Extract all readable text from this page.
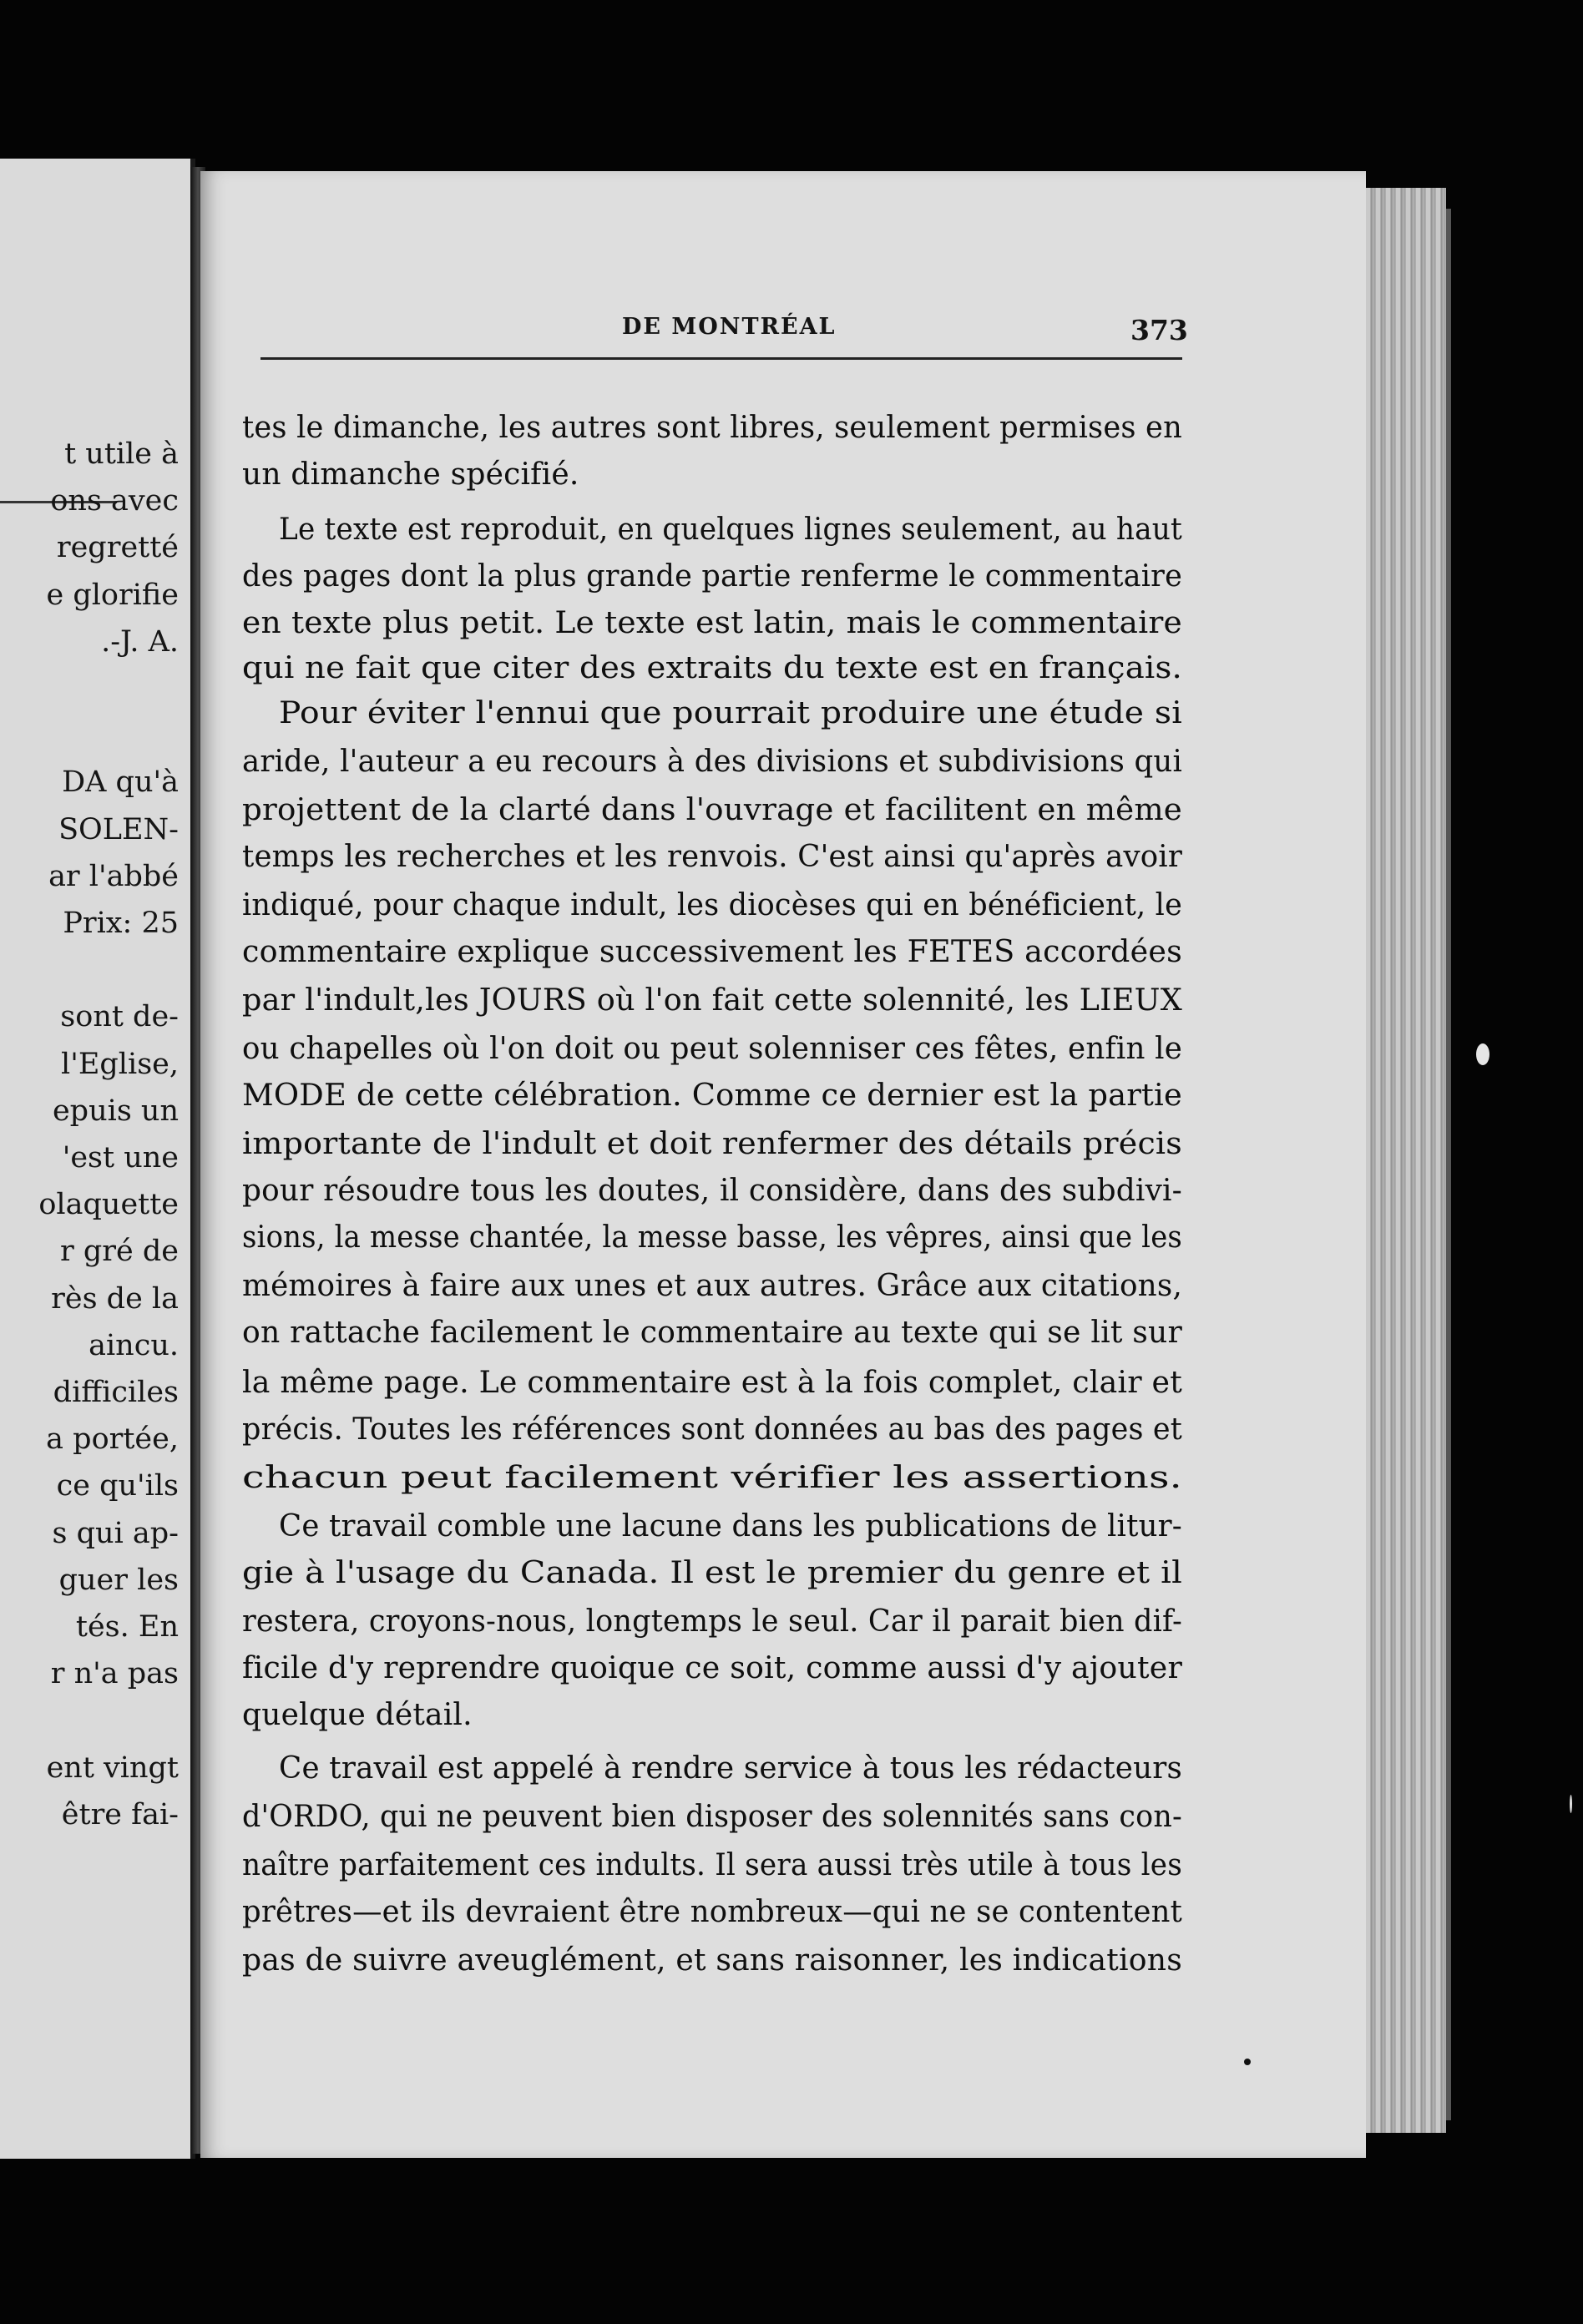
t utile à
ons avec
regretté
e glorifie
.-J. A.
DA qu'à
SOLEN-
ar l'abbé
Prix: 25
sont de-
l'Eglise,
epuis un
'est une
olaquette
r gré de
rès de la
aincu.
difficiles
a portée,
ce qu'ils
s qui ap-
guer les
tés. En
r n'a pas
ent vingt
être fai-
DE MONTRÉAL	373
tes le dimanche, les autres sont libres, seulement permises en
un dimanche spécifié.
Le texte est reproduit, en quelques lignes seulement, au haut
des pages dont la plus grande partie renferme le commentaire
en texte plus petit. Le texte est latin, mais le commentaire
qui ne fait que citer des extraits du texte est en français.
Pour éviter l'ennui que pourrait produire une étude si
aride, l'auteur a eu recours à des divisions et subdivisions qui
projettent de la clarté dans l'ouvrage et facilitent en même
temps les recherches et les renvois. C'est ainsi qu'après avoir
indiqué, pour chaque indult, les diocèses qui en bénéficient, le
commentaire explique successivement les FETES accordées
par l'indult,les JOURS où l'on fait cette solennité, les LIEUX
ou chapelles où l'on doit ou peut solenniser ces fêtes, enfin le
MODE de cette célébration. Comme ce dernier est la partie
importante de l'indult et doit renfermer des détails précis
pour résoudre tous les doutes, il considère, dans des subdivi-
sions, la messe chantée, la messe basse, les vêpres, ainsi que les
mémoires à faire aux unes et aux autres. Grâce aux citations,
on rattache facilement le commentaire au texte qui se lit sur
la même page. Le commentaire est à la fois complet, clair et
précis. Toutes les références sont données au bas des pages et
chacun peut facilement vérifier les assertions.
Ce travail comble une lacune dans les publications de litur-
gie à l'usage du Canada. Il est le premier du genre et il
restera, croyons-nous, longtemps le seul. Car il parait bien dif-
ficile d'y reprendre quoique ce soit, comme aussi d'y ajouter
quelque détail.
Ce travail est appelé à rendre service à tous les rédacteurs
d'ORDO, qui ne peuvent bien disposer des solennités sans con-
naître parfaitement ces indults. Il sera aussi très utile à tous les
prêtres—et ils devraient être nombreux—qui ne se contentent
pas de suivre aveuglément, et sans raisonner, les indications
